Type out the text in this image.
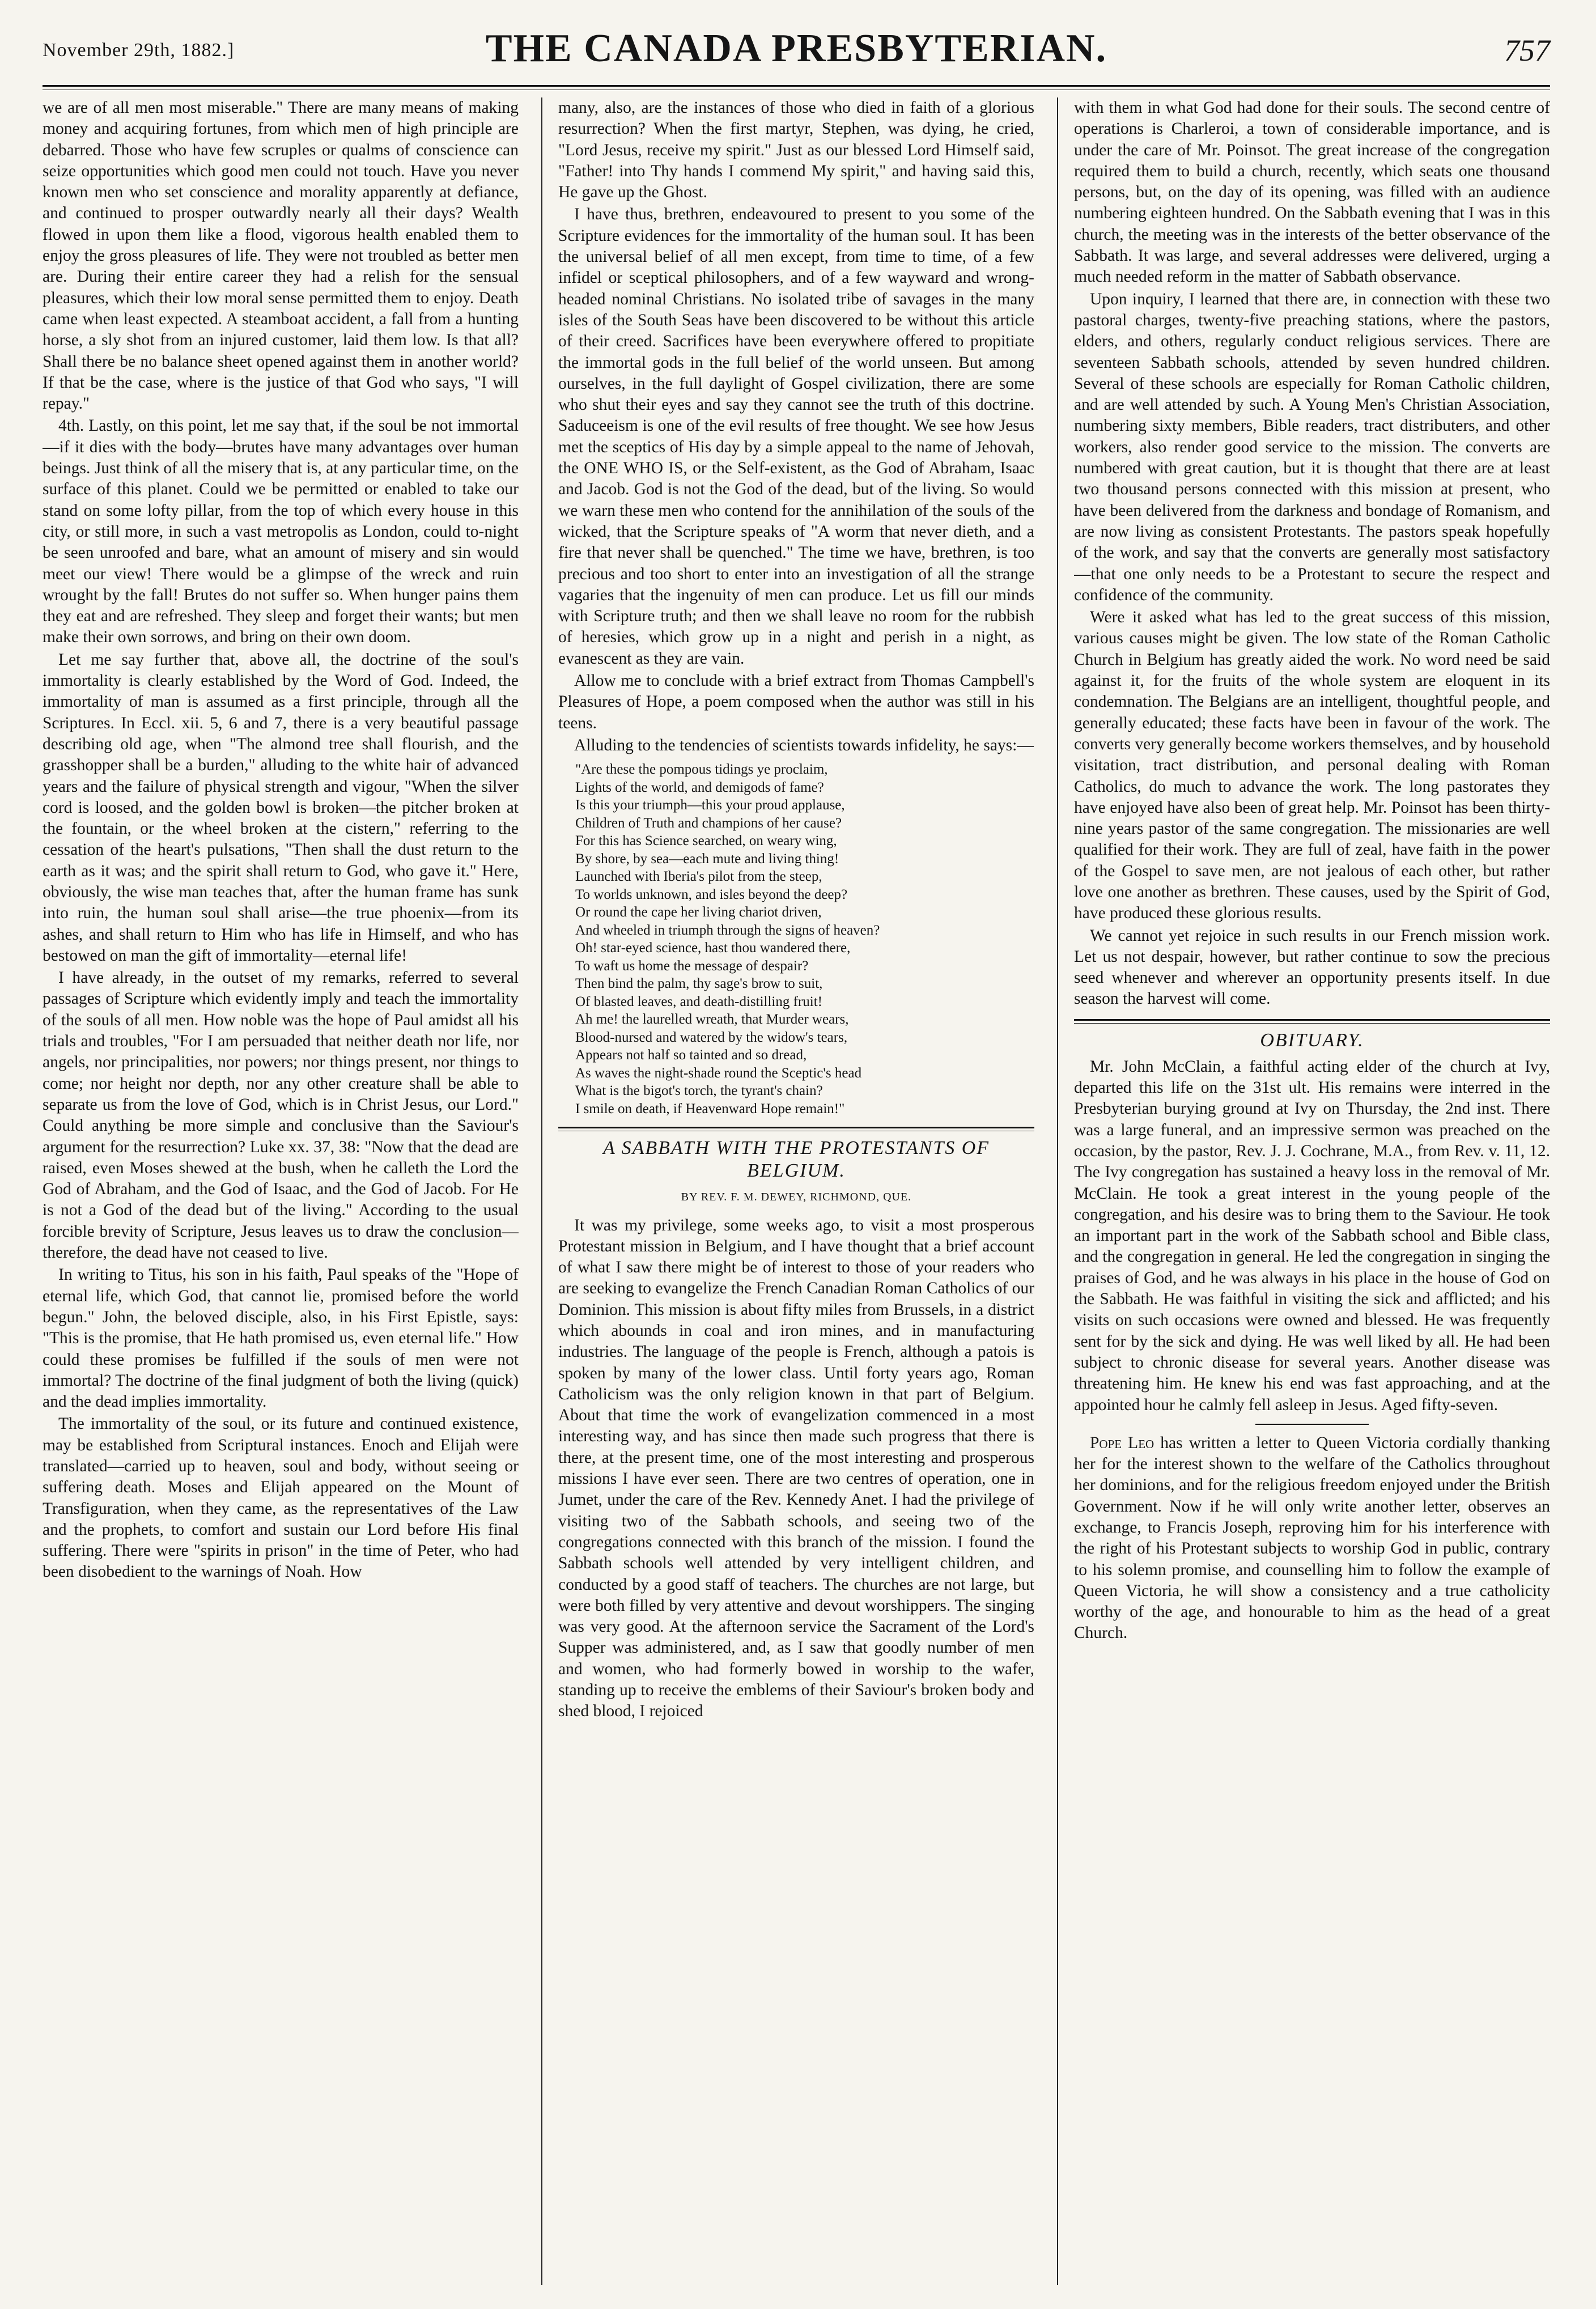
November 29th, 1882.]	THE CANADA PRESBYTERIAN.	757

we are of all men most miserable." There are many means of making money and acquiring fortunes, from which men of high principle are debarred. Those who have few scruples or qualms of conscience can seize opportunities which good men could not touch. Have you never known men who set conscience and morality apparently at defiance, and continued to prosper outwardly nearly all their days? Wealth flowed in upon them like a flood, vigorous health enabled them to enjoy the gross pleasures of life. They were not troubled as better men are. During their entire career they had a relish for the sensual pleasures, which their low moral sense permitted them to enjoy. Death came when least expected. A steamboat accident, a fall from a hunting horse, a sly shot from an injured customer, laid them low. Is that all? Shall there be no balance sheet opened against them in another world? If that be the case, where is the justice of that God who says, "I will repay."

4th. Lastly, on this point, let me say that, if the soul be not immortal—if it dies with the body—brutes have many advantages over human beings. Just think of all the misery that is, at any particular time, on the surface of this planet. Could we be permitted or enabled to take our stand on some lofty pillar, from the top of which every house in this city, or still more, in such a vast metropolis as London, could to-night be seen unroofed and bare, what an amount of misery and sin would meet our view! There would be a glimpse of the wreck and ruin wrought by the fall! Brutes do not suffer so. When hunger pains them they eat and are refreshed. They sleep and forget their wants; but men make their own sorrows, and bring on their own doom.

Let me say further that, above all, the doctrine of the soul's immortality is clearly established by the Word of God. Indeed, the immortality of man is assumed as a first principle, through all the Scriptures. In Eccl. xii. 5, 6 and 7, there is a very beautiful passage describing old age, when "The almond tree shall flourish, and the grasshopper shall be a burden," alluding to the white hair of advanced years and the failure of physical strength and vigour, "When the silver cord is loosed, and the golden bowl is broken—the pitcher broken at the fountain, or the wheel broken at the cistern," referring to the cessation of the heart's pulsations, "Then shall the dust return to the earth as it was; and the spirit shall return to God, who gave it." Here, obviously, the wise man teaches that, after the human frame has sunk into ruin, the human soul shall arise—the true phoenix—from its ashes, and shall return to Him who has life in Himself, and who has bestowed on man the gift of immortality—eternal life!

I have already, in the outset of my remarks, referred to several passages of Scripture which evidently imply and teach the immortality of the souls of all men. How noble was the hope of Paul amidst all his trials and troubles, "For I am persuaded that neither death nor life, nor angels, nor principalities, nor powers; nor things present, nor things to come; nor height nor depth, nor any other creature shall be able to separate us from the love of God, which is in Christ Jesus, our Lord." Could anything be more simple and conclusive than the Saviour's argument for the resurrection? Luke xx. 37, 38: "Now that the dead are raised, even Moses shewed at the bush, when he calleth the Lord the God of Abraham, and the God of Isaac, and the God of Jacob. For He is not a God of the dead but of the living." According to the usual forcible brevity of Scripture, Jesus leaves us to draw the conclusion—therefore, the dead have not ceased to live.

In writing to Titus, his son in his faith, Paul speaks of the "Hope of eternal life, which God, that cannot lie, promised before the world begun." John, the beloved disciple, also, in his First Epistle, says: "This is the promise, that He hath promised us, even eternal life." How could these promises be fulfilled if the souls of men were not immortal? The doctrine of the final judgment of both the living (quick) and the dead implies immortality.

The immortality of the soul, or its future and continued existence, may be established from Scriptural instances. Enoch and Elijah were translated—carried up to heaven, soul and body, without seeing or suffering death. Moses and Elijah appeared on the Mount of Transfiguration, when they came, as the representatives of the Law and the prophets, to comfort and sustain our Lord before His final suffering. There were "spirits in prison" in the time of Peter, who had been disobedient to the warnings of Noah. How

many, also, are the instances of those who died in faith of a glorious resurrection? When the first martyr, Stephen, was dying, he cried, "Lord Jesus, receive my spirit." Just as our blessed Lord Himself said, "Father! into Thy hands I commend My spirit," and having said this, He gave up the Ghost.

I have thus, brethren, endeavoured to present to you some of the Scripture evidences for the immortality of the human soul. It has been the universal belief of all men except, from time to time, of a few infidel or sceptical philosophers, and of a few wayward and wrong-headed nominal Christians. No isolated tribe of savages in the many isles of the South Seas have been discovered to be without this article of their creed. Sacrifices have been everywhere offered to propitiate the immortal gods in the full belief of the world unseen. But among ourselves, in the full daylight of Gospel civilization, there are some who shut their eyes and say they cannot see the truth of this doctrine. Saduceeism is one of the evil results of free thought. We see how Jesus met the sceptics of His day by a simple appeal to the name of Jehovah, the ONE WHO IS, or the Self-existent, as the God of Abraham, Isaac and Jacob. God is not the God of the dead, but of the living. So would we warn these men who contend for the annihilation of the souls of the wicked, that the Scripture speaks of "A worm that never dieth, and a fire that never shall be quenched." The time we have, brethren, is too precious and too short to enter into an investigation of all the strange vagaries that the ingenuity of men can produce. Let us fill our minds with Scripture truth; and then we shall leave no room for the rubbish of heresies, which grow up in a night and perish in a night, as evanescent as they are vain.

Allow me to conclude with a brief extract from Thomas Campbell's Pleasures of Hope, a poem composed when the author was still in his teens.

Alluding to the tendencies of scientists towards infidelity, he says:—

"Are these the pompous tidings ye proclaim,
Lights of the world, and demigods of fame?
Is this your triumph—this your proud applause,
Children of Truth and champions of her cause?
For this has Science searched, on weary wing,
By shore, by sea—each mute and living thing!
Launched with Iberia's pilot from the steep,
To worlds unknown, and isles beyond the deep?
Or round the cape her living chariot driven,
And wheeled in triumph through the signs of heaven?
Oh! star-eyed science, hast thou wandered there,
To waft us home the message of despair?
Then bind the palm, thy sage's brow to suit,
Of blasted leaves, and death-distilling fruit!
Ah me! the laurelled wreath, that Murder wears,
Blood-nursed and watered by the widow's tears,
Appears not half so tainted and so dread,
As waves the night-shade round the Sceptic's head
What is the bigot's torch, the tyrant's chain?
I smile on death, if Heavenward Hope remain!"
A SABBATH WITH THE PROTESTANTS OF BELGIUM.
BY REV. F. M. DEWEY, RICHMOND, QUE.

It was my privilege, some weeks ago, to visit a most prosperous Protestant mission in Belgium, and I have thought that a brief account of what I saw there might be of interest to those of your readers who are seeking to evangelize the French Canadian Roman Catholics of our Dominion. This mission is about fifty miles from Brussels, in a district which abounds in coal and iron mines, and in manufacturing industries. The language of the people is French, although a patois is spoken by many of the lower class. Until forty years ago, Roman Catholicism was the only religion known in that part of Belgium. About that time the work of evangelization commenced in a most interesting way, and has since then made such progress that there is there, at the present time, one of the most interesting and prosperous missions I have ever seen. There are two centres of operation, one in Jumet, under the care of the Rev. Kennedy Anet. I had the privilege of visiting two of the Sabbath schools, and seeing two of the congregations connected with this branch of the mission. I found the Sabbath schools well attended by very intelligent children, and conducted by a good staff of teachers. The churches are not large, but were both filled by very attentive and devout worshippers. The singing was very good. At the afternoon service the Sacrament of the Lord's Supper was administered, and, as I saw that goodly number of men and women, who had formerly bowed in worship to the wafer, standing up to receive the emblems of their Saviour's broken body and shed blood, I rejoiced

with them in what God had done for their souls. The second centre of operations is Charleroi, a town of considerable importance, and is under the care of Mr. Poinsot. The great increase of the congregation required them to build a church, recently, which seats one thousand persons, but, on the day of its opening, was filled with an audience numbering eighteen hundred. On the Sabbath evening that I was in this church, the meeting was in the interests of the better observance of the Sabbath. It was large, and several addresses were delivered, urging a much needed reform in the matter of Sabbath observance.

Upon inquiry, I learned that there are, in connection with these two pastoral charges, twenty-five preaching stations, where the pastors, elders, and others, regularly conduct religious services. There are seventeen Sabbath schools, attended by seven hundred children. Several of these schools are especially for Roman Catholic children, and are well attended by such. A Young Men's Christian Association, numbering sixty members, Bible readers, tract distributers, and other workers, also render good service to the mission. The converts are numbered with great caution, but it is thought that there are at least two thousand persons connected with this mission at present, who have been delivered from the darkness and bondage of Romanism, and are now living as consistent Protestants. The pastors speak hopefully of the work, and say that the converts are generally most satisfactory—that one only needs to be a Protestant to secure the respect and confidence of the community.

Were it asked what has led to the great success of this mission, various causes might be given. The low state of the Roman Catholic Church in Belgium has greatly aided the work. No word need be said against it, for the fruits of the whole system are eloquent in its condemnation. The Belgians are an intelligent, thoughtful people, and generally educated; these facts have been in favour of the work. The converts very generally become workers themselves, and by household visitation, tract distribution, and personal dealing with Roman Catholics, do much to advance the work. The long pastorates they have enjoyed have also been of great help. Mr. Poinsot has been thirty-nine years pastor of the same congregation. The missionaries are well qualified for their work. They are full of zeal, have faith in the power of the Gospel to save men, are not jealous of each other, but rather love one another as brethren. These causes, used by the Spirit of God, have produced these glorious results.

We cannot yet rejoice in such results in our French mission work. Let us not despair, however, but rather continue to sow the precious seed whenever and wherever an opportunity presents itself. In due season the harvest will come.

OBITUARY.

Mr. John McClain, a faithful acting elder of the church at Ivy, departed this life on the 31st ult. His remains were interred in the Presbyterian burying ground at Ivy on Thursday, the 2nd inst. There was a large funeral, and an impressive sermon was preached on the occasion, by the pastor, Rev. J. J. Cochrane, M.A., from Rev. v. 11, 12. The Ivy congregation has sustained a heavy loss in the removal of Mr. McClain. He took a great interest in the young people of the congregation, and his desire was to bring them to the Saviour. He took an important part in the work of the Sabbath school and Bible class, and the congregation in general. He led the congregation in singing the praises of God, and he was always in his place in the house of God on the Sabbath. He was faithful in visiting the sick and afflicted; and his visits on such occasions were owned and blessed. He was frequently sent for by the sick and dying. He was well liked by all. He had been subject to chronic disease for several years. Another disease was threatening him. He knew his end was fast approaching, and at the appointed hour he calmly fell asleep in Jesus. Aged fifty-seven.

Pope Leo has written a letter to Queen Victoria cordially thanking her for the interest shown to the welfare of the Catholics throughout her dominions, and for the religious freedom enjoyed under the British Government. Now if he will only write another letter, observes an exchange, to Francis Joseph, reproving him for his interference with the right of his Protestant subjects to worship God in public, contrary to his solemn promise, and counselling him to follow the example of Queen Victoria, he will show a consistency and a true catholicity worthy of the age, and honourable to him as the head of a great Church.
